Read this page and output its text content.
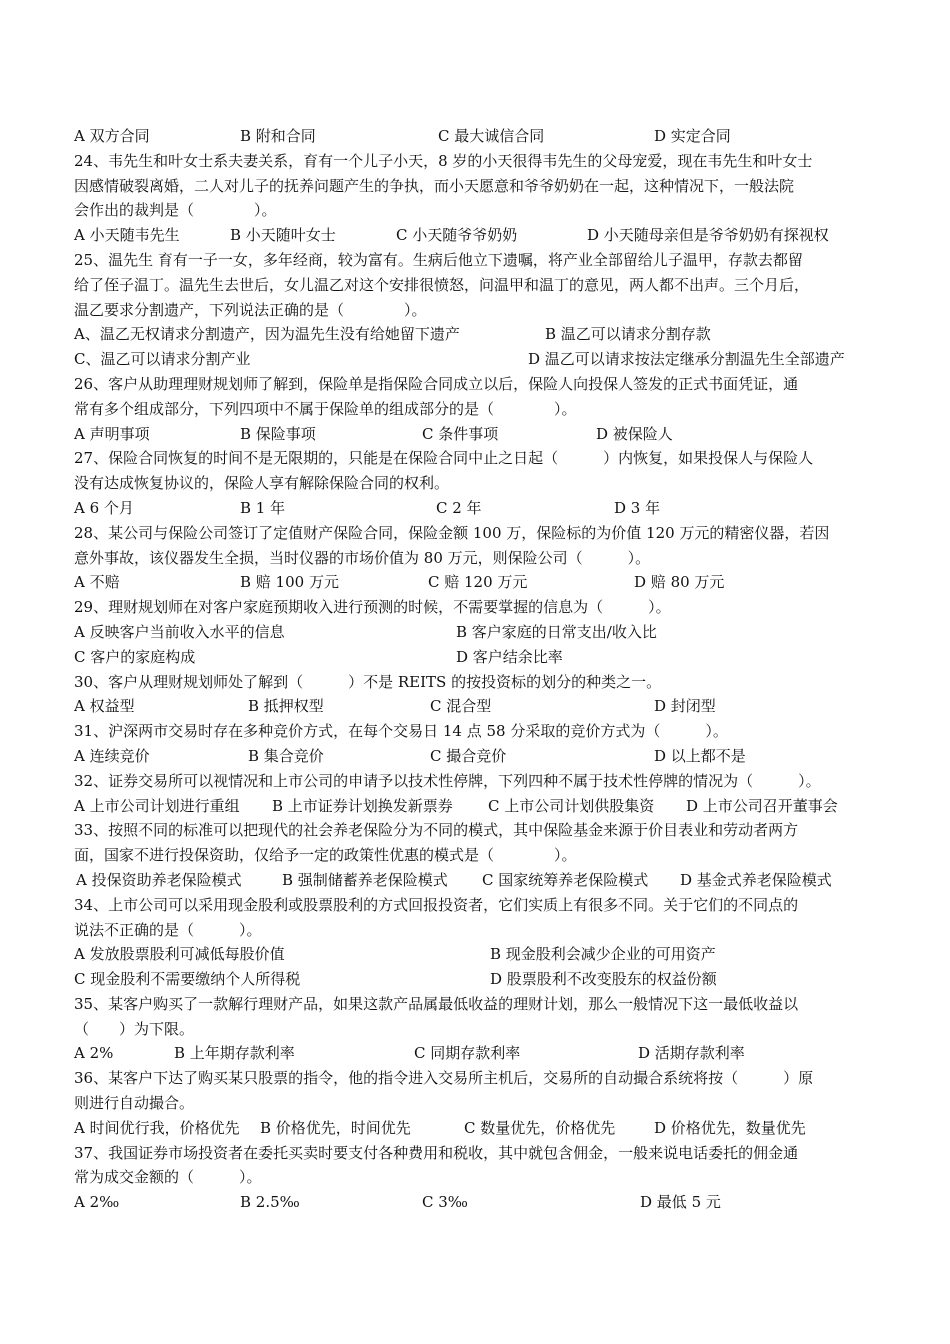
A 双方合同	B 附和合同	C 最大诚信合同	D 实定合同
24、韦先生和叶女士系夫妻关系，育有一个儿子小天，8 岁的小天很得韦先生的父母宠爱，现在韦先生和叶女士
因感情破裂离婚，二人对儿子的抚养问题产生的争执，而小天愿意和爷爷奶奶在一起，这种情况下，一般法院
会作出的裁判是（　　　　）。
A 小天随韦先生	B 小天随叶女士	C 小天随爷爷奶奶	D 小天随母亲但是爷爷奶奶有探视权
25、温先生 育有一子一女，多年经商，较为富有。生病后他立下遗嘱，将产业全部留给儿子温甲，存款去都留
给了侄子温丁。温先生去世后，女儿温乙对这个安排很愤怒，问温甲和温丁的意见，两人都不出声。三个月后，
温乙要求分割遗产，下列说法正确的是（　　　　）。
A、温乙无权请求分割遗产，因为温先生没有给她留下遗产	B 温乙可以请求分割存款
C、温乙可以请求分割产业	D 温乙可以请求按法定继承分割温先生全部遗产
26、客户从助理理财规划师了解到，保险单是指保险合同成立以后，保险人向投保人签发的正式书面凭证，通
常有多个组成部分，下列四项中不属于保险单的组成部分的是（　　　　）。
A 声明事项	B 保险事项	C 条件事项	D 被保险人
27、保险合同恢复的时间不是无限期的，只能是在保险合同中止之日起（　　　）内恢复，如果投保人与保险人
没有达成恢复协议的，保险人享有解除保险合同的权利。
A 6 个月	B 1 年	C 2 年	D 3 年
28、某公司与保险公司签订了定值财产保险合同，保险金额 100 万，保险标的为价值 120 万元的精密仪器，若因
意外事故，该仪器发生全损，当时仪器的市场价值为 80 万元，则保险公司（　　　）。
A 不赔	B 赔 100 万元	C 赔 120 万元	D 赔 80 万元
29、理财规划师在对客户家庭预期收入进行预测的时候，不需要掌握的信息为（　　　）。
A 反映客户当前收入水平的信息	B 客户家庭的日常支出/收入比
C 客户的家庭构成	D 客户结余比率
30、客户从理财规划师处了解到（　　　）不是 REITS 的按投资标的划分的种类之一。
A 权益型	B 抵押权型	C 混合型	D 封闭型
31、沪深两市交易时存在多种竞价方式，在每个交易日 14 点 58 分采取的竞价方式为（　　　）。
A 连续竞价	B 集合竞价	C 撮合竞价	D 以上都不是
32、证券交易所可以视情况和上市公司的申请予以技术性停牌，下列四种不属于技术性停牌的情况为（　　　）。
A 上市公司计划进行重组 B 上市证券计划换发新票券 C 上市公司计划供股集资 D 上市公司召开董事会
33、按照不同的标准可以把现代的社会养老保险分为不同的模式，其中保险基金来源于价目表业和劳动者两方
面，国家不进行投保资助，仅给予一定的政策性优惠的模式是（　　　　）。
A 投保资助养老保险模式	B 强制储蓄养老保险模式 C 国家统筹养老保险模式 D 基金式养老保险模式
34、上市公司可以采用现金股利或股票股利的方式回报投资者，它们实质上有很多不同。关于它们的不同点的
说法不正确的是（　　　）。
A 发放股票股利可减低每股价值	B 现金股利会减少企业的可用资产
C 现金股利不需要缴纳个人所得税	D 股票股利不改变股东的权益份额
35、某客户购买了一款解行理财产品，如果这款产品属最低收益的理财计划，那么一般情况下这一最低收益以
（　　）为下限。
A 2%	B 上年期存款利率	C 同期存款利率	D 活期存款利率
36、某客户下达了购买某只股票的指令，他的指令进入交易所主机后，交易所的自动撮合系统将按（　　　）原
则进行自动撮合。
A 时间优行我，价格优先 B 价格优先，时间优先	C 数量优先，价格优先	D 价格优先，数量优先
37、我国证券市场投资者在委托买卖时要支付各种费用和税收，其中就包含佣金，一般来说电话委托的佣金通
常为成交金额的（　　　）。
A 2‰	B 2.5‰	C 3‰	D 最低 5 元
